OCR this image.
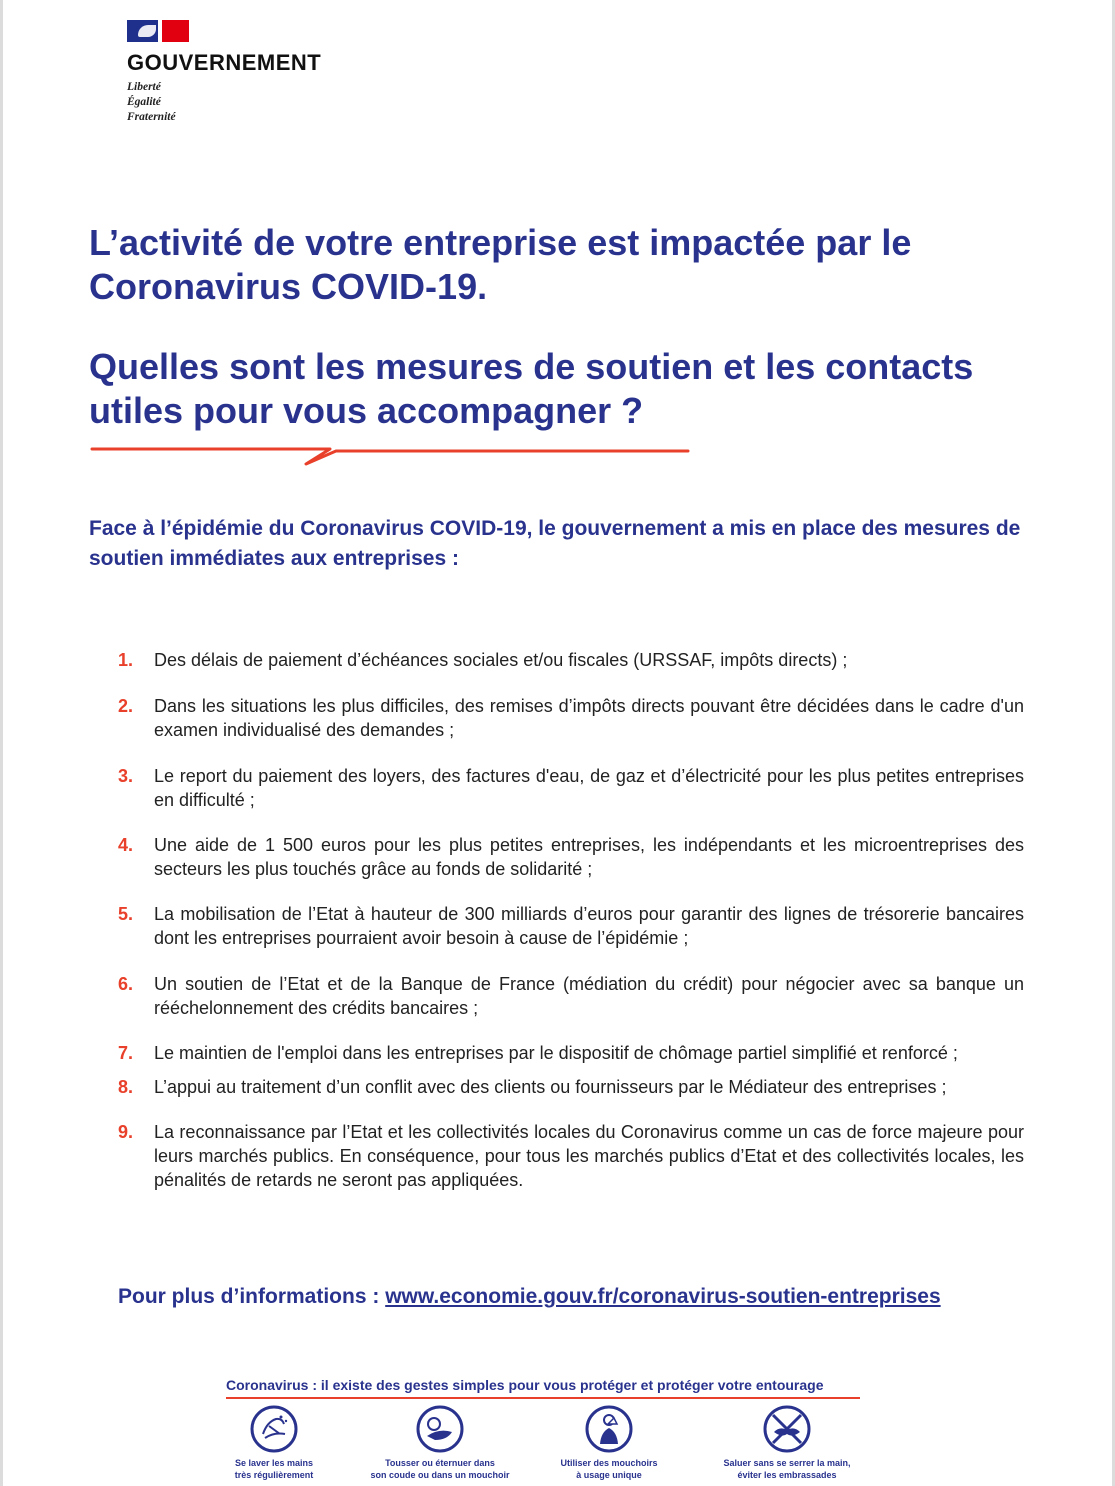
GOUVERNEMENT
Liberté
Égalité
Fraternité
L’activité de votre entreprise est impactée par le Coronavirus COVID-19.
Quelles sont les mesures de soutien et les contacts utiles pour vous accompagner ?

Face à l’épidémie du Coronavirus COVID-19, le gouvernement a mis en place des mesures de soutien immédiates aux entreprises :

1. Des délais de paiement d’échéances sociales et/ou fiscales (URSSAF, impôts directs) ;
2. Dans les situations les plus difficiles, des remises d’impôts directs pouvant être décidées dans le cadre d'un examen individualisé des demandes ;
3. Le report du paiement des loyers, des factures d'eau, de gaz et d’électricité pour les plus petites entreprises en difficulté ;
4. Une aide de 1 500 euros pour les plus petites entreprises, les indépendants et les microentreprises des secteurs les plus touchés grâce au fonds de solidarité ;
5. La mobilisation de l’Etat à hauteur de 300 milliards d’euros pour garantir des lignes de trésorerie bancaires dont les entreprises pourraient avoir besoin à cause de l’épidémie ;
6. Un soutien de l’Etat et de la Banque de France (médiation du crédit) pour négocier avec sa banque un rééchelonnement des crédits bancaires ;
7. Le maintien de l'emploi dans les entreprises par le dispositif de chômage partiel simplifié et renforcé ;
8. L’appui au traitement d’un conflit avec des clients ou fournisseurs par le Médiateur des entreprises ;
9. La reconnaissance par l’Etat et les collectivités locales du Coronavirus comme un cas de force majeure pour leurs marchés publics. En conséquence, pour tous les marchés publics d’Etat et des collectivités locales, les pénalités de retards ne seront pas appliquées.
Pour plus d’informations : www.economie.gouv.fr/coronavirus-soutien-entreprises
Coronavirus : il existe des gestes simples pour vous protéger et protéger votre entourage
Se laver les mains
très régulièrement
Tousser ou éternuer dans
son coude ou dans un mouchoir
Utiliser des mouchoirs
à usage unique
Saluer sans se serrer la main,
éviter les embrassades
